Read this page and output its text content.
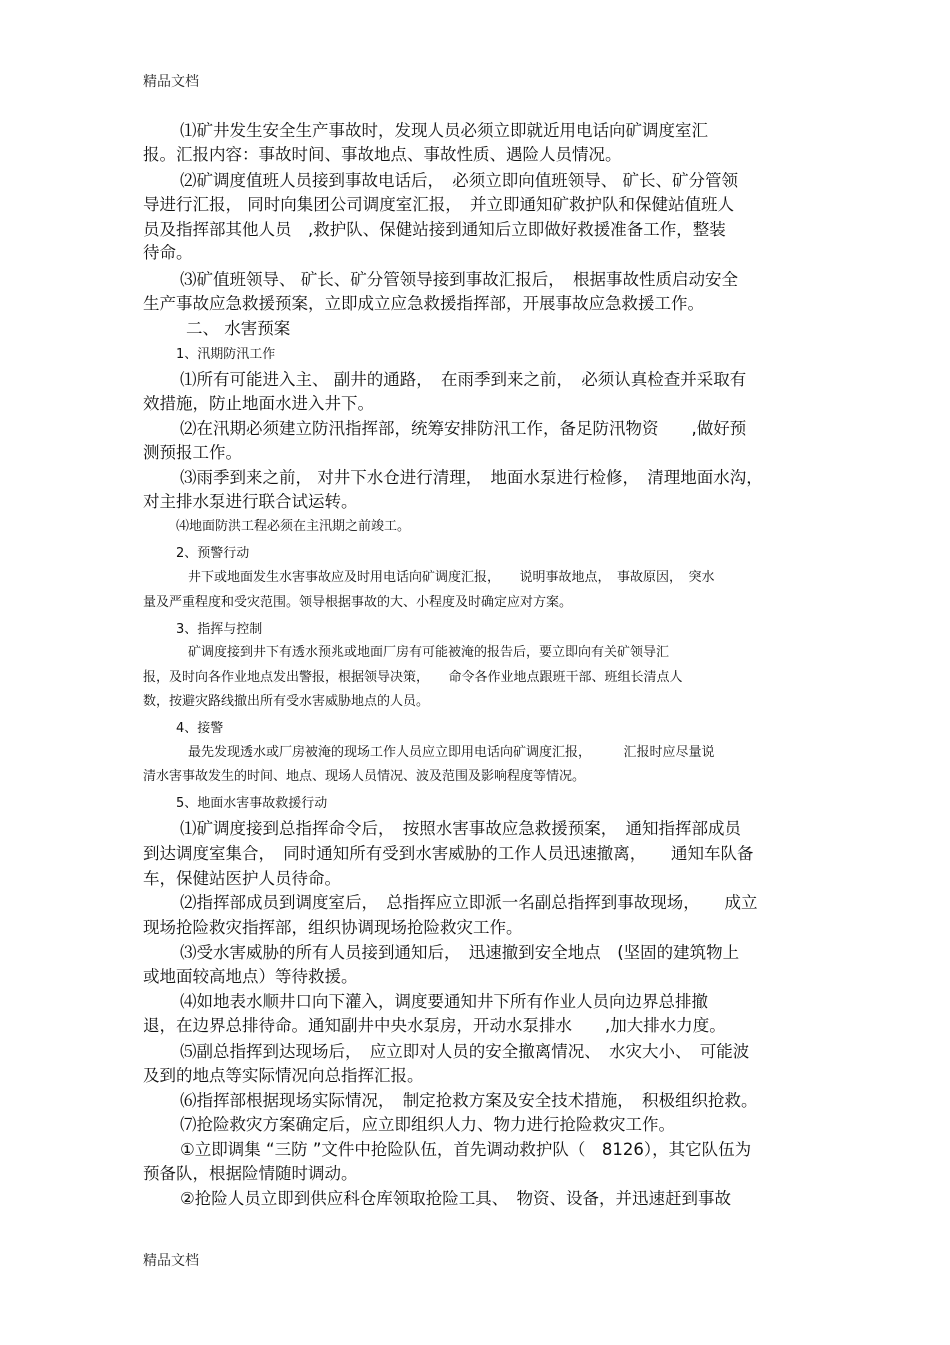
精品文档

⑴矿井发生安全生产事故时，发现人员必须立即就近用电话向矿调度室汇

报。汇报内容：事故时间、事故地点、事故性质、遇险人员情况。

⑵矿调度值班人员接到事故电话后，　必须立即向值班领导、 矿长、矿分管领

导进行汇报， 同时向集团公司调度室汇报，　并立即通知矿救护队和保健站值班人

员及指挥部其他人员　,救护队、保健站接到通知后立即做好救援准备工作，整装

待命。

⑶矿值班领导、 矿长、矿分管领导接到事故汇报后，　根据事故性质启动安全

生产事故应急救援预案，立即成立应急救援指挥部，开展事故应急救援工作。

二、 水害预案

1、汛期防汛工作

⑴所有可能进入主、 副井的通路，　在雨季到来之前，　必须认真检查并采取有

效措施，防止地面水进入井下。

⑵在汛期必须建立防汛指挥部，统筹安排防汛工作，备足防汛物资　　,做好预

测预报工作。

⑶雨季到来之前， 对井下水仓进行清理，　地面水泵进行检修，　清理地面水沟，

对主排水泵进行联合试运转。

⑷地面防洪工程必须在主汛期之前竣工。

2、预警行动

井下或地面发生水害事故应及时用电话向矿调度汇报，　　说明事故地点，　事故原因，　突水

量及严重程度和受灾范围。领导根据事故的大、小程度及时确定应对方案。

3、指挥与控制

矿调度接到井下有透水预兆或地面厂房有可能被淹的报告后，要立即向有关矿领导汇

报，及时向各作业地点发出警报，根据领导决策，　　命令各作业地点跟班干部、班组长清点人

数，按避灾路线撤出所有受水害威胁地点的人员。

4、接警

最先发现透水或厂房被淹的现场工作人员应立即用电话向矿调度汇报，　　　汇报时应尽量说

清水害事故发生的时间、地点、现场人员情况、波及范围及影响程度等情况。

5、地面水害事故救援行动

⑴矿调度接到总指挥命令后，　按照水害事故应急救援预案，　通知指挥部成员

到达调度室集合，　同时通知所有受到水害威胁的工作人员迅速撤离，　　通知车队备

车，保健站医护人员待命。

⑵指挥部成员到调度室后，　总指挥应立即派一名副总指挥到事故现场，　　成立

现场抢险救灾指挥部，组织协调现场抢险救灾工作。

⑶受水害威胁的所有人员接到通知后，　迅速撤到安全地点　(坚固的建筑物上

或地面较高地点）等待救援。

⑷如地表水顺井口向下灌入，调度要通知井下所有作业人员向边界总排撤

退，在边界总排待命。通知副井中央水泵房，开动水泵排水　　,加大排水力度。

⑸副总指挥到达现场后，　应立即对人员的安全撤离情况、　水灾大小、　可能波

及到的地点等实际情况向总指挥汇报。

⑹指挥部根据现场实际情况，　制定抢救方案及安全技术措施，　积极组织抢救。

⑺抢险救灾方案确定后，应立即组织人力、物力进行抢险救灾工作。

①立即调集 “三防 ”文件中抢险队伍，首先调动救护队（　8126），其它队伍为

预备队，根据险情随时调动。

②抢险人员立即到供应科仓库领取抢险工具、　物资、设备，并迅速赶到事故

精品文档
